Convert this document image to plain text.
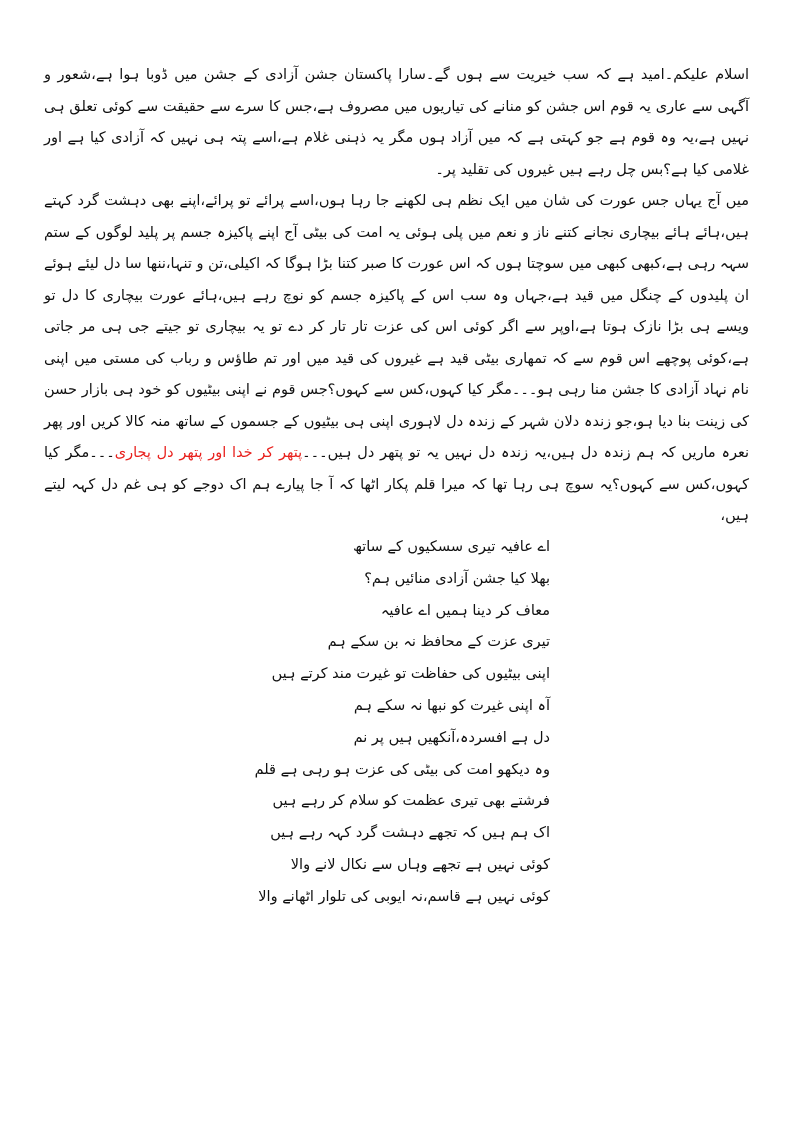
اسلام علیکم۔امید ہے کہ سب خیریت سے ہوں گے۔سارا پاکستان جشن آزادی کے جشن میں ڈوبا ہوا ہے،شعور و آگہی سے عاری یہ قوم اس جشن کو منانے کی تیاریوں میں مصروف ہے،جس کا سرے سے حقیقت سے کوئی تعلق ہی نہیں ہے،یہ وہ قوم ہے جو کہتی ہے کہ میں آزاد ہوں مگر یہ ذہنی غلام ہے،اسے پتہ ہی نہیں کہ آزادی کیا ہے اور غلامی کیا ہے؟بس چل رہے ہیں غیروں کی تقلید پر۔

میں آج یہاں جس عورت کی شان میں ایک نظم ہی لکھنے جا رہا ہوں،اسے پرائے تو پرائے،اپنے بھی دہشت گرد کہتے ہیں،ہائے ہائے بیچاری نجانے کتنے ناز و نعم میں پلی ہوئی یہ امت کی بیٹی آج اپنے پاکیزہ جسم پر پلید لوگوں کے ستم سہہ رہی ہے،کبھی کبھی میں سوچتا ہوں کہ اس عورت کا صبر کتنا بڑا ہوگا کہ اکیلی،تن و تنہا،ننھا سا دل لیئے ہوئے ان پلیدوں کے چنگل میں قید ہے،جہاں وہ سب اس کے پاکیزہ جسم کو نوچ رہے ہیں،ہائے عورت بیچاری کا دل تو ویسے ہی بڑا نازک ہوتا ہے،اوپر سے اگر کوئی اس کی عزت تار تار کر دے تو یہ بیچاری تو جیتے جی ہی مر جاتی ہے،کوئی پوچھے اس قوم سے کہ تمھاری بیٹی قید ہے غیروں کی قید میں اور تم طاؤس و رباب کی مستی میں اپنی نام نہاد آزادی کا جشن منا رہی ہو۔۔۔مگر کیا کہوں،کس سے کہوں؟جس قوم نے اپنی بیٹیوں کو خود ہی بازار حسن کی زینت بنا دیا ہو،جو زندہ دلان شہر کے زندہ دل لاہوری اپنی ہی بیٹیوں کے جسموں کے ساتھ منہ کالا کریں اور پھر نعرہ ماریں کہ ہم زندہ دل ہیں،یہ زندہ دل نہیں یہ تو پتھر دل ہیں۔۔۔پتھر کر خدا اور پتھر دل پجاری۔۔۔مگر کیا کہوں،کس سے کہوں؟یہ سوچ ہی رہا تھا کہ میرا قلم پکار اٹھا کہ آ جا پیارے ہم اک دوجے کو ہی غم دل کہہ لیتے ہیں،

اے عافیہ تیری سسکیوں کے ساتھ
بھلا کیا جشن آزادی منائیں ہم؟
معاف کر دینا ہمیں اے عافیہ
تیری عزت کے محافظ نہ بن سکے ہم
اپنی بیٹیوں کی حفاظت تو غیرت مند کرتے ہیں
آہ اپنی غیرت کو نبھا نہ سکے ہم
دل ہے افسردہ،آنکھیں ہیں پر نم
وہ دیکھو امت کی بیٹی کی عزت ہو رہی ہے قلم
فرشتے بھی تیری عظمت کو سلام کر رہے ہیں
اک ہم ہیں کہ تجھے دہشت گرد کہہ رہے ہیں
کوئی نہیں ہے تجھے وہاں سے نکال لانے والا
کوئی نہیں ہے قاسم،نہ ایوبی کی تلوار اٹھانے والا
